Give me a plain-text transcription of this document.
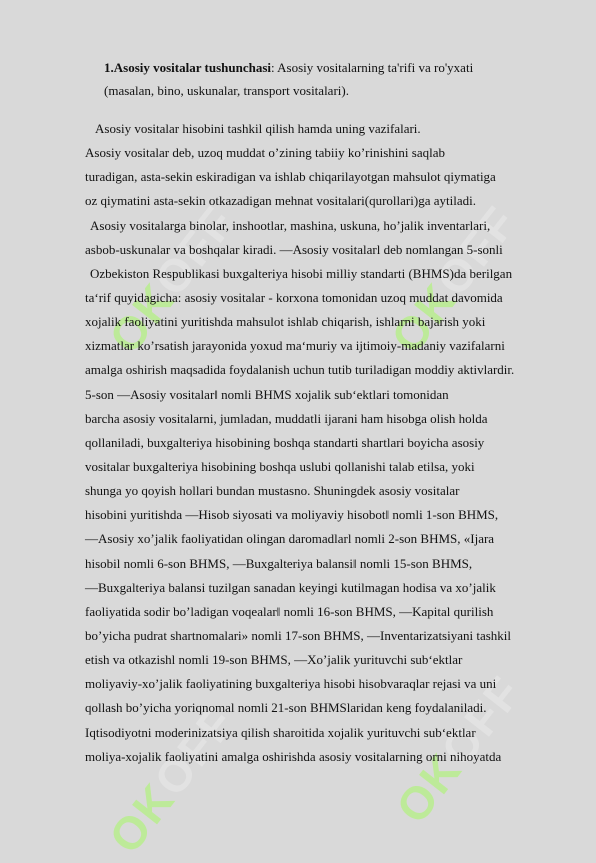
OKOFF
OKOFF
OKOFF
OKOFF
1.Asosiy vositalar tushunchasi: Asosiy vositalarning ta'rifi va ro'yxati
(masalan, bino, uskunalar, transport vositalari).
Asosiy vositalar hisobini tashkil qilish hamda uning vazifalari.
Asosiy vositalar deb, uzoq muddat o’zining tabiiy ko’rinishini saqlab
turadigan, asta-sekin eskiradigan va ishlab chiqarilayotgan mahsulot qiymatiga
oz qiymatini asta-sekin otkazadigan mehnat vositalari(qurollari)ga aytiladi.
Asosiy vositalarga binolar, inshootlar, mashina, uskuna, ho’jalik inventarlari,
asbob-uskunalar va boshqalar kiradi. ―Asosiy vositalarl deb nomlangan 5-sonli
Ozbekiston Respublikasi buxgalteriya hisobi milliy standarti (BHMS)da berilgan
ta‘rif quyidagicha: asosiy vositalar - korxona tomonidan uzoq muddat davomida
xojalik faoliyatini yuritishda mahsulot ishlab chiqarish, ishlarni bajarish yoki
xizmatlar ko’rsatish jarayonida yoxud ma‘muriy va ijtimoiy-madaniy vazifalarni
amalga oshirish maqsadida foydalanish uchun tutib turiladigan moddiy aktivlardir.
5-son ―Asosiy vositalar‖ nomli BHMS xojalik sub‘ektlari tomonidan
barcha asosiy vositalarni, jumladan, muddatli ijarani ham hisobga olish holda
qollaniladi, buxgalteriya hisobining boshqa standarti shartlari boyicha asosiy
vositalar buxgalteriya hisobining boshqa uslubi qollanishi talab etilsa, yoki
shunga yo qoyish hollari bundan mustasno. Shuningdek asosiy vositalar
hisobini yuritishda ―Hisob siyosati va moliyaviy hisobot‖ nomli 1-son BHMS,
―Asosiy xo’jalik faoliyatidan olingan daromadlarl nomli 2-son BHMS, «Ijara
hisobil nomli 6-son BHMS, ―Buxgalteriya balansi‖ nomli 15-son BHMS,
―Buxgalteriya balansi tuzilgan sanadan keyingi kutilmagan hodisa va xo’jalik
faoliyatida sodir bo’ladigan voqealar‖ nomli 16-son BHMS, ―Kapital qurilish
bo’yicha pudrat shartnomalari» nomli 17-son BHMS, ―Inventarizatsiyani tashkil
etish va otkazishl nomli 19-son BHMS, ―Xo’jalik yurituvchi sub‘ektlar
moliyaviy-xo’jalik faoliyatining buxgalteriya hisobi hisobvaraqlar rejasi va uni
qollash bo’yicha yoriqnomal nomli 21-son BHMSlaridan keng foydalaniladi.
Iqtisodiyotni moderinizatsiya qilish sharoitida xojalik yurituvchi sub‘ektlar
moliya-xojalik faoliyatini amalga oshirishda asosiy vositalarning orni nihoyatda
